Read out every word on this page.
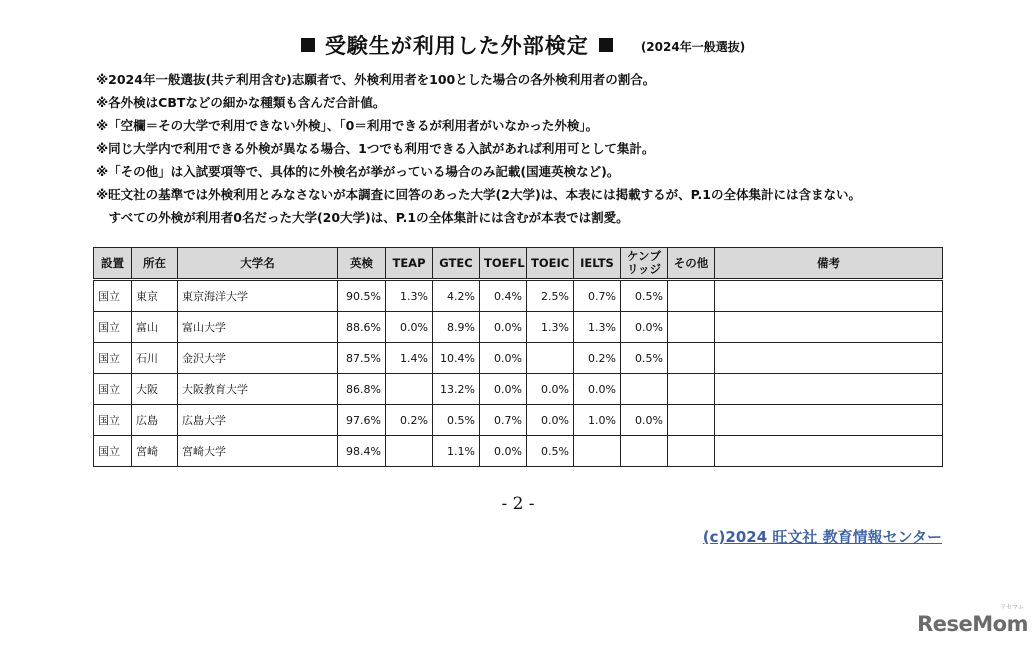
受験生が利用した外部検定	(2024年一般選抜)
※2024年一般選抜(共テ利用含む)志願者で、外検利用者を100とした場合の各外検利用者の割合。
※各外検はCBTなどの細かな種類も含んだ合計値。
※「空欄＝その大学で利用できない外検」、「0＝利用できるが利用者がいなかった外検」。
※同じ大学内で利用できる外検が異なる場合、1つでも利用できる入試があれば利用可として集計。
※「その他」は入試要項等で、具体的に外検名が挙がっている場合のみ記載(国連英検など)。
※旺文社の基準では外検利用とみなさないが本調査に回答のあった大学(2大学)は、本表には掲載するが、P.1の全体集計には含まない。
　すべての外検が利用者0名だった大学(20大学)は、P.1の全体集計には含むが本表では割愛。
設置	所在	大学名	英検	TEAP	GTEC	TOEFL	TOEIC	IELTS	ケンブ
リッジ	その他	備考
国立	東京	東京海洋大学	90.5%	1.3%	4.2%	0.4%	2.5%	0.7%	0.5%		
国立	富山	富山大学	88.6%	0.0%	8.9%	0.0%	1.3%	1.3%	0.0%		
国立	石川	金沢大学	87.5%	1.4%	10.4%	0.0%		0.2%	0.5%		
国立	大阪	大阪教育大学	86.8%		13.2%	0.0%	0.0%	0.0%			
国立	広島	広島大学	97.6%	0.2%	0.5%	0.7%	0.0%	1.0%	0.0%		
国立	宮崎	宮崎大学	98.4%		1.1%	0.0%	0.5%				
- 2 -
(c)2024 旺文社 教育情報センター
リセマム
ReseMom
